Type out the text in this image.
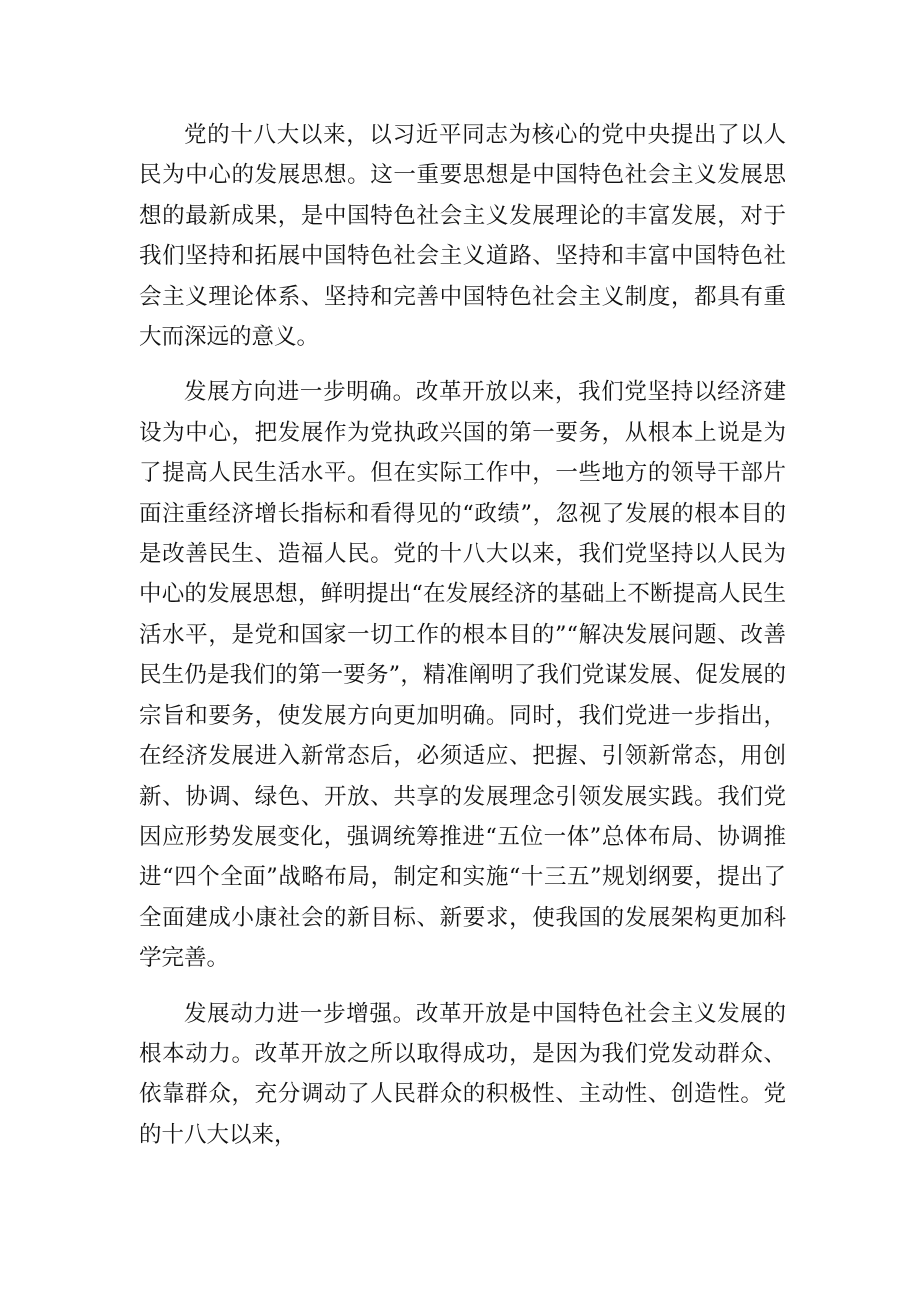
党的十八大以来，以习近平同志为核心的党中央提出了以人民为中心的发展思想。这一重要思想是中国特色社会主义发展思想的最新成果，是中国特色社会主义发展理论的丰富发展，对于我们坚持和拓展中国特色社会主义道路、坚持和丰富中国特色社会主义理论体系、坚持和完善中国特色社会主义制度，都具有重大而深远的意义。

发展方向进一步明确。改革开放以来，我们党坚持以经济建设为中心，把发展作为党执政兴国的第一要务，从根本上说是为了提高人民生活水平。但在实际工作中，一些地方的领导干部片面注重经济增长指标和看得见的“政绩”，忽视了发展的根本目的是改善民生、造福人民。党的十八大以来，我们党坚持以人民为中心的发展思想，鲜明提出“在发展经济的基础上不断提高人民生活水平，是党和国家一切工作的根本目的”“解决发展问题、改善民生仍是我们的第一要务”，精准阐明了我们党谋发展、促发展的宗旨和要务，使发展方向更加明确。同时，我们党进一步指出，在经济发展进入新常态后，必须适应、把握、引领新常态，用创新、协调、绿色、开放、共享的发展理念引领发展实践。我们党因应形势发展变化，强调统筹推进“五位一体”总体布局、协调推进“四个全面”战略布局，制定和实施“十三五”规划纲要，提出了全面建成小康社会的新目标、新要求，使我国的发展架构更加科学完善。

发展动力进一步增强。改革开放是中国特色社会主义发展的根本动力。改革开放之所以取得成功，是因为我们党发动群众、依靠群众，充分调动了人民群众的积极性、主动性、创造性。党的十八大以来，
